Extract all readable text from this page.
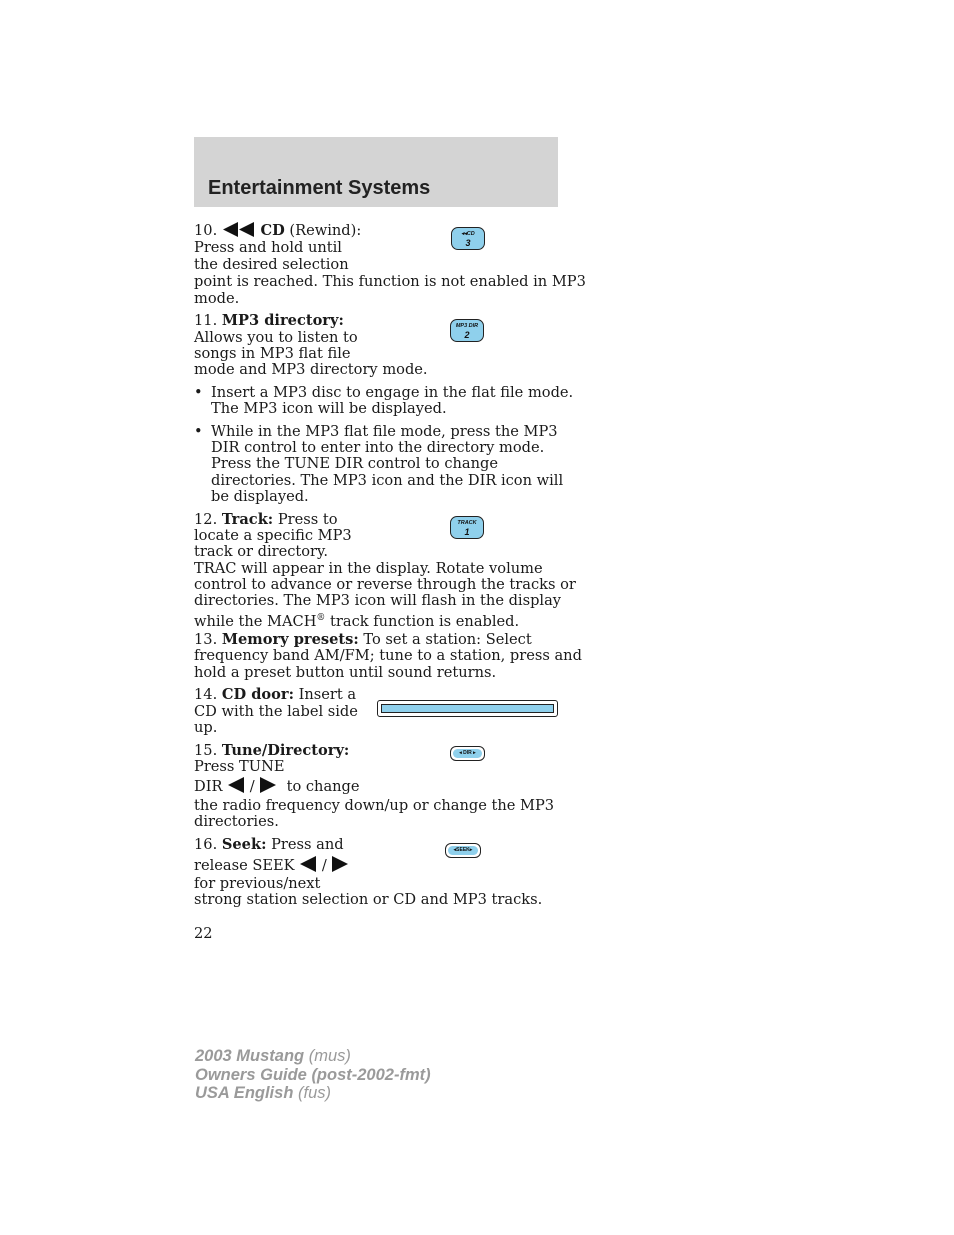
Entertainment Systems
10.	CD (Rewind):
Press and hold until
the desired selection
point is reached. This function is not enabled in MP3
mode.
◂◂CD
3
11. MP3 directory:
Allows you to listen to
songs in MP3 flat file
mode and MP3 directory mode.
MP3 DIR
2
• Insert a MP3 disc to engage in the flat file mode.
The MP3 icon will be displayed.
• While in the MP3 flat file mode, press the MP3
DIR control to enter into the directory mode.
Press the TUNE DIR control to change
directories. The MP3 icon and the DIR icon will
be displayed.
12. Track: Press to
locate a specific MP3
track or directory.
TRAC will appear in the display. Rotate volume
control to advance or reverse through the tracks or
directories. The MP3 icon will flash in the display
while the MACH® track function is enabled.
TRACK
1
13. Memory presets: To set a station: Select
frequency band AM/FM; tune to a station, press and
hold a preset button until sound returns.
14. CD door: Insert a
CD with the label side
up.
15. Tune/Directory:
Press TUNE
DIR / to change
the radio frequency down/up or change the MP3
directories.
◂ DIR ▸
16. Seek: Press and
release SEEK /
for previous/next
strong station selection or CD and MP3 tracks.
◂SEEK▸
22
2003 Mustang (mus)
Owners Guide (post-2002-fmt)
USA English (fus)
